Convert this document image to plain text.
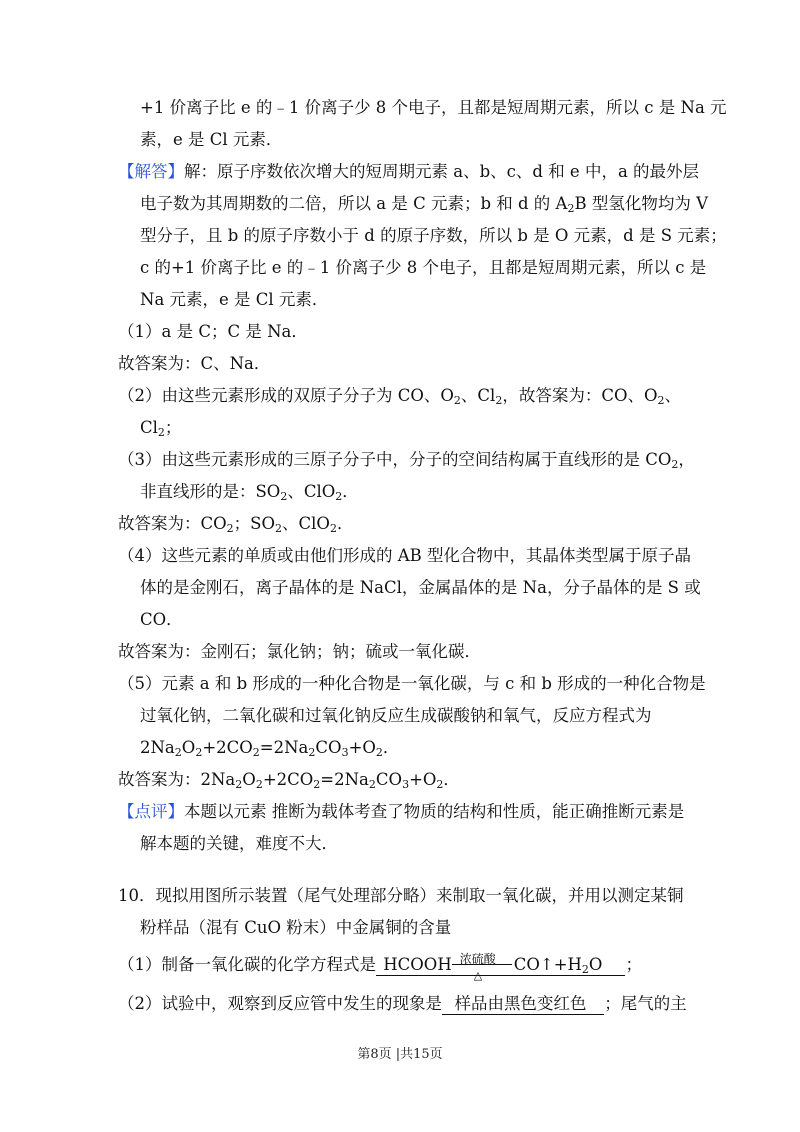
+1 价离子比 e 的﹣1 价离子少 8 个电子，且都是短周期元素，所以 c 是 Na 元
素，e 是 Cl 元素．
【解答】解：原子序数依次增大的短周期元素 a、b、c、d 和 e 中，a 的最外层
电子数为其周期数的二倍，所以 a 是 C 元素；b 和 d 的 $A_2B$ 型氢化物均为 V
型分子，且 b 的原子序数小于 d 的原子序数，所以 b 是 O 元素，d 是 S 元素；
c 的+1 价离子比 e 的﹣1 价离子少 8 个电子，且都是短周期元素，所以 c 是
Na 元素，e 是 Cl 元素．
（1）a 是 C；C 是 Na．
故答案为：C、Na．
（2）由这些元素形成的双原子分子为 CO、$O_2$、$Cl_2$，故答案为：CO、$O_2$、
$Cl_2$；
（3）由这些元素形成的三原子分子中，分子的空间结构属于直线形的是 $CO_2$，
非直线形的是：$SO_2$、ClO$_2$．
故答案为：$CO_2$；$SO_2$、ClO$_2$．
（4）这些元素的单质或由他们形成的 AB 型化合物中，其晶体类型属于原子晶
体的是金刚石，离子晶体的是 NaCl，金属晶体的是 Na，分子晶体的是 S 或
CO．
故答案为：金刚石；氯化钠；钠；硫或一氧化碳．
（5）元素 a 和 b 形成的一种化合物是一氧化碳，与 c 和 b 形成的一种化合物是
过氧化钠，二氧化碳和过氧化钠反应生成碳酸钠和氧气，反应方程式为
$2Na_2O_2+2CO_2=2Na_2CO_3+O_2$．
故答案为：$2Na_2O_2+2CO_2=2Na_2CO_3+O_2$．
【点评】本题以元素 推断为载体考查了物质的结构和性质，能正确推断元素是
解本题的关键，难度不大．
10．现拟用图所示装置（尾气处理部分略）来制取一氧化碳，并用以测定某铜
粉样品（混有 CuO 粉末）中金属铜的含量
（1）制备一氧化碳的化学方程式是 HCOOH 浓硫酸
△
$CO↑+H_2O$ ；
（2）试验中，观察到反应管中发生的现象是 样品由黑色变红色 ；尾气的主
第8页 |共15页
